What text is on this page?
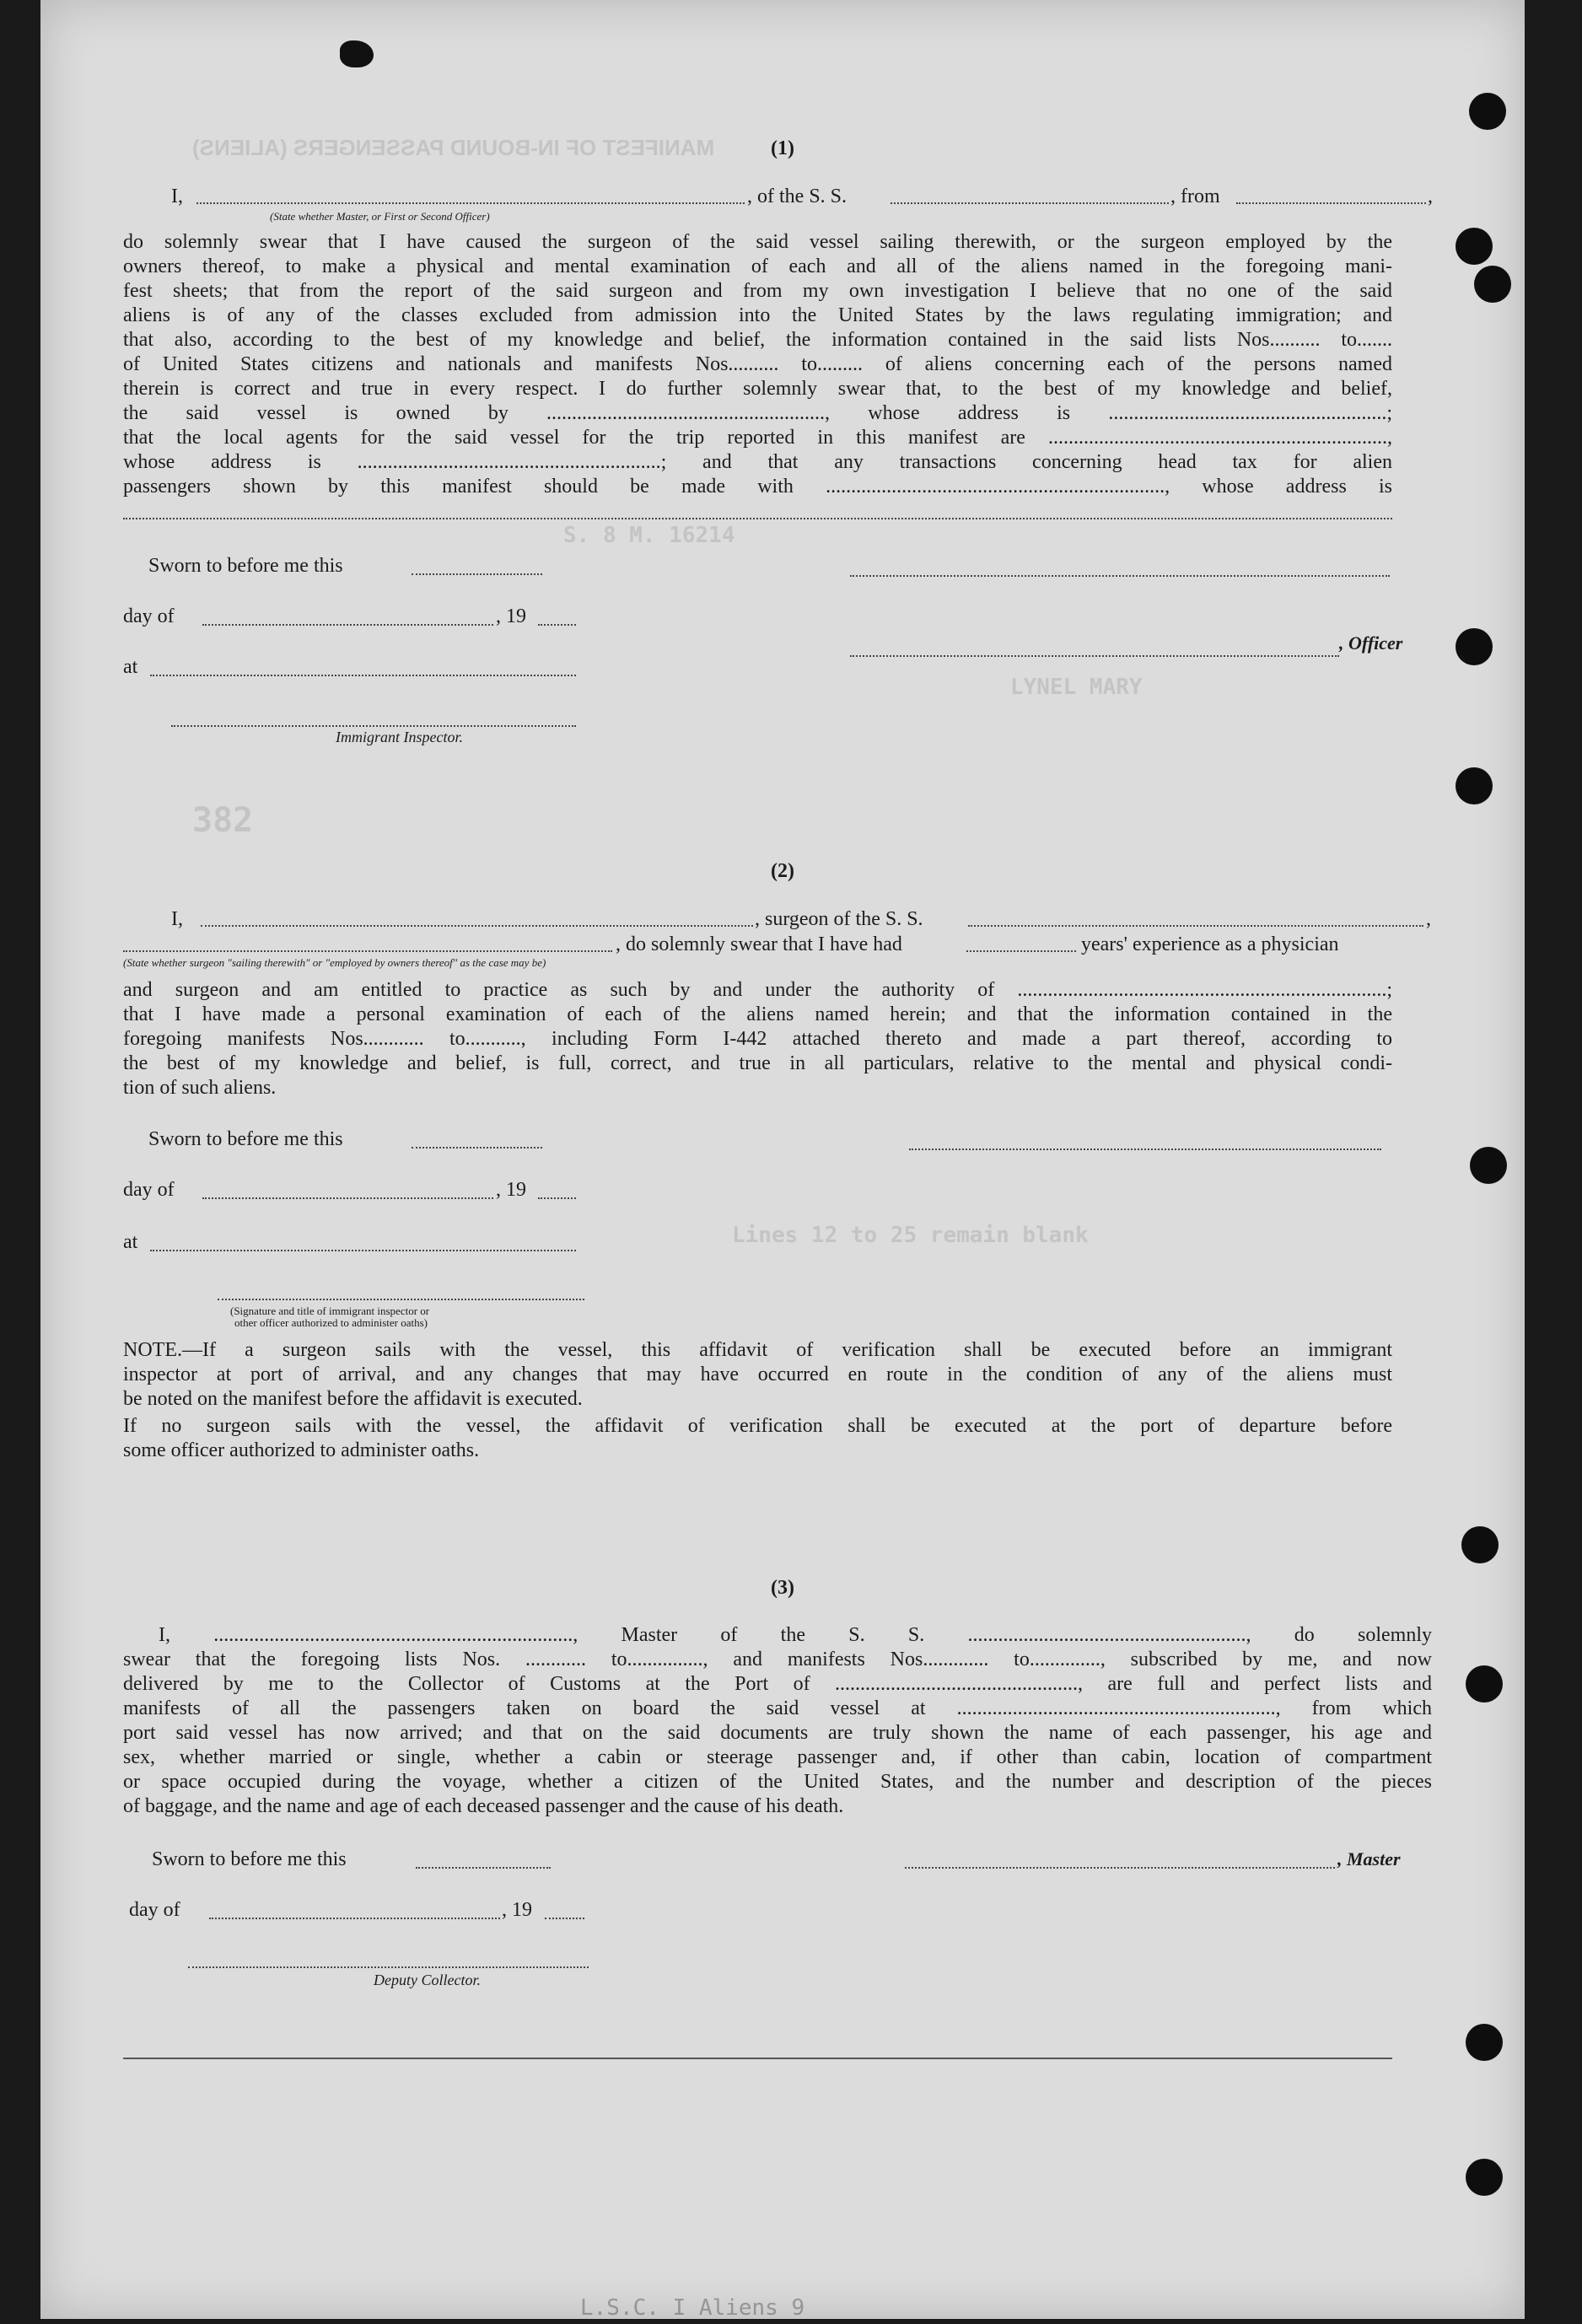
MANIFEST OF IN-BOUND PASSENGERS (ALIENS)
S. 8 M. 16214
LYNEL MARY
382
Lines 12 to 25 remain blank
(1)
I,	, of the S. S.	, from	,
(State whether Master, or First or Second Officer)
do solemnly swear that I have caused the surgeon of the said vessel sailing therewith, or the surgeon employed by the
owners thereof, to make a physical and mental examination of each and all of the aliens named in the foregoing mani-
fest sheets; that from the report of the said surgeon and from my own investigation I believe that no one of the said
aliens is of any of the classes excluded from admission into the United States by the laws regulating immigration; and
that also, according to the best of my knowledge and belief, the information contained in the said lists Nos.......... to.......
of United States citizens and nationals and manifests Nos.......... to......... of aliens concerning each of the persons named
therein is correct and true in every respect. I do further solemnly swear that, to the best of my knowledge and belief,
the said vessel is owned by ......................................................., whose address is .......................................................;
that the local agents for the said vessel for the trip reported in this manifest are ...................................................................,
whose address is ............................................................; and that any transactions concerning head tax for alien
passengers shown by this manifest should be made with ..................................................................., whose address is
Sworn to before me this
day of	, 19
, Officer
at
Immigrant Inspector.
(2)
I,	, surgeon of the S. S.	,
, do solemnly swear that I have had	years' experience as a physician
(State whether surgeon "sailing therewith" or "employed by owners thereof" as the case may be)
and surgeon and am entitled to practice as such by and under the authority of .........................................................................;
that I have made a personal examination of each of the aliens named herein; and that the information contained in the
foregoing manifests Nos............ to..........., including Form I-442 attached thereto and made a part thereof, according to
the best of my knowledge and belief, is full, correct, and true in all particulars, relative to the mental and physical condi-
tion of such aliens.
Sworn to before me this
day of	, 19
at
(Signature and title of immigrant inspector or
other officer authorized to administer oaths)
NOTE.—If a surgeon sails with the vessel, this affidavit of verification shall be executed before an immigrant
inspector at port of arrival, and any changes that may have occurred en route in the condition of any of the aliens must
be noted on the manifest before the affidavit is executed.
If no surgeon sails with the vessel, the affidavit of verification shall be executed at the port of departure before
some officer authorized to administer oaths.
(3)
I, ......................................................................., Master of the S. S. ......................................................., do solemnly
swear that the foregoing lists Nos. ............ to..............., and manifests Nos............. to.............., subscribed by me, and now
delivered by me to the Collector of Customs at the Port of ................................................, are full and perfect lists and
manifests of all the passengers taken on board the said vessel at ..............................................................., from which
port said vessel has now arrived; and that on the said documents are truly shown the name of each passenger, his age and
sex, whether married or single, whether a cabin or steerage passenger and, if other than cabin, location of compartment
or space occupied during the voyage, whether a citizen of the United States, and the number and description of the pieces
of baggage, and the name and age of each deceased passenger and the cause of his death.
Sworn to before me this	, Master
day of	, 19
Deputy Collector.
L.S.C. I Aliens 9
